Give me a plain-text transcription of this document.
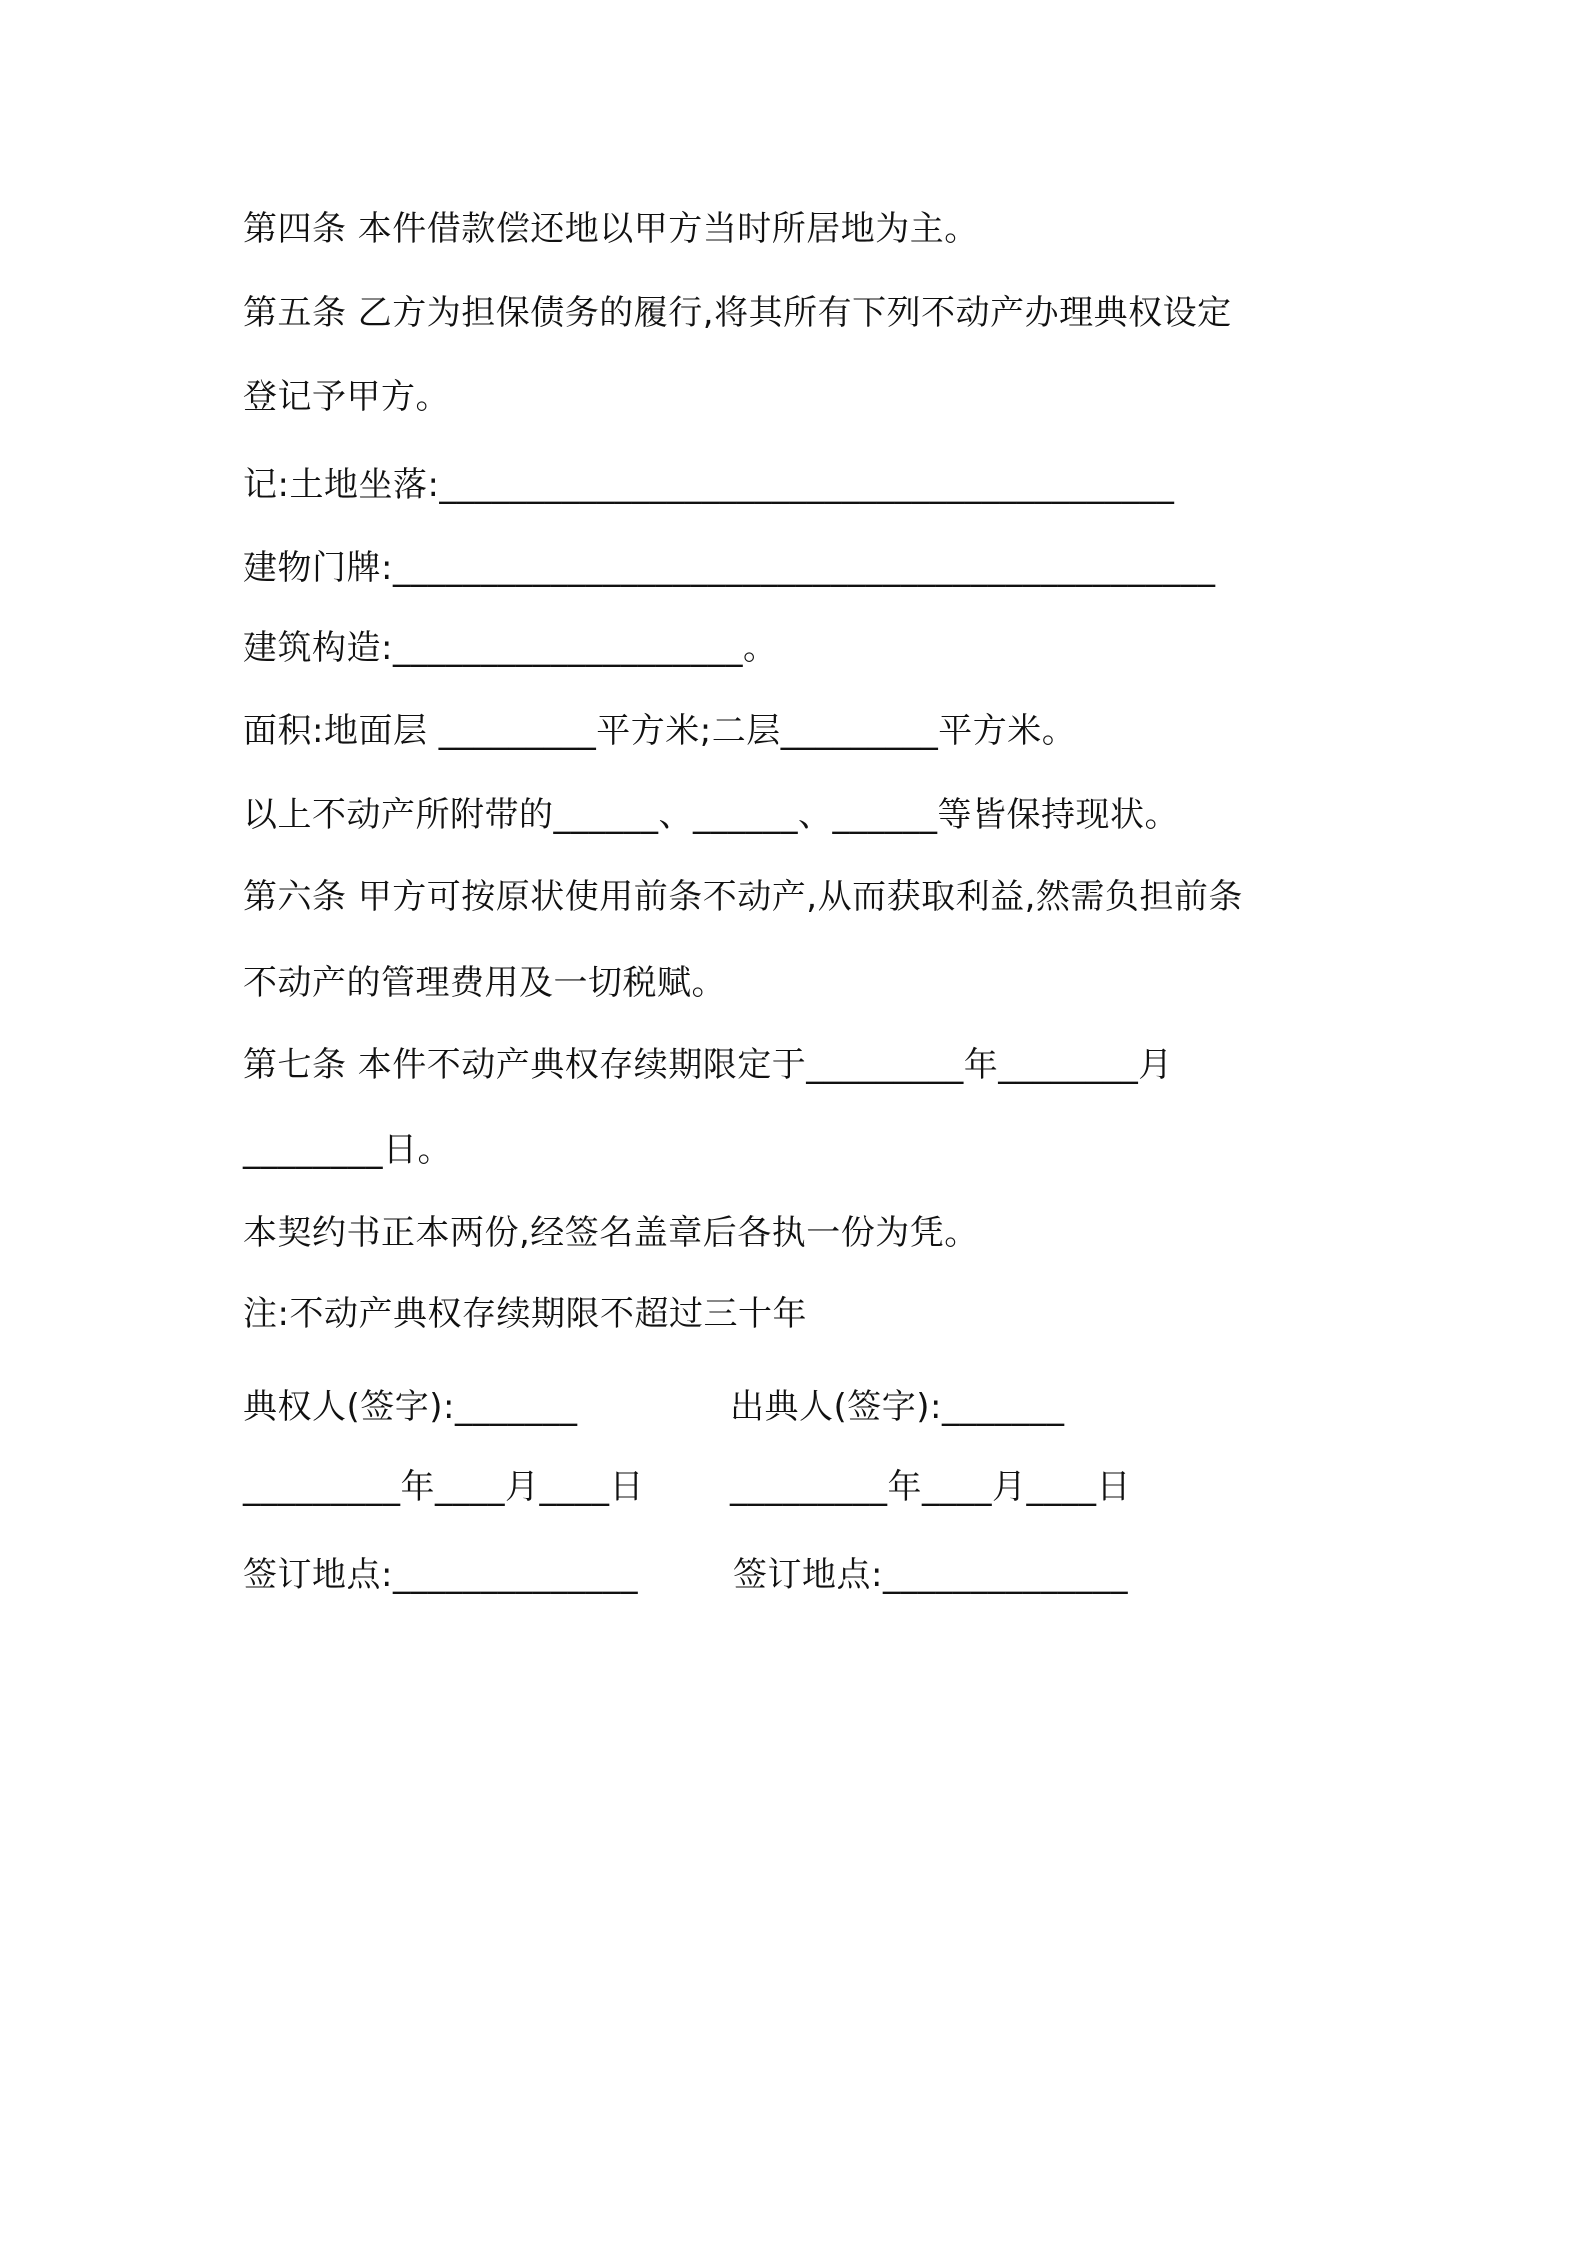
第四条 本件借款偿还地以甲方当时所居地为主。
第五条 乙方为担保债务的履行,将其所有下列不动产办理典权设定
登记予甲方。
记:土地坐落:__________________________________________
建物门牌:_______________________________________________
建筑构造:____________________。
面积:地面层 _________平方米;二层_________平方米。
以上不动产所附带的______、______、______等皆保持现状。
第六条 甲方可按原状使用前条不动产,从而获取利益,然需负担前条
不动产的管理费用及一切税赋。
第七条 本件不动产典权存续期限定于_________年________月
________日。
本契约书正本两份,经签名盖章后各执一份为凭。
注:不动产典权存续期限不超过三十年
典权人(签字):_______	出典人(签字):_______
_________年____月____日	_________年____月____日
签订地点:______________	签订地点:______________
